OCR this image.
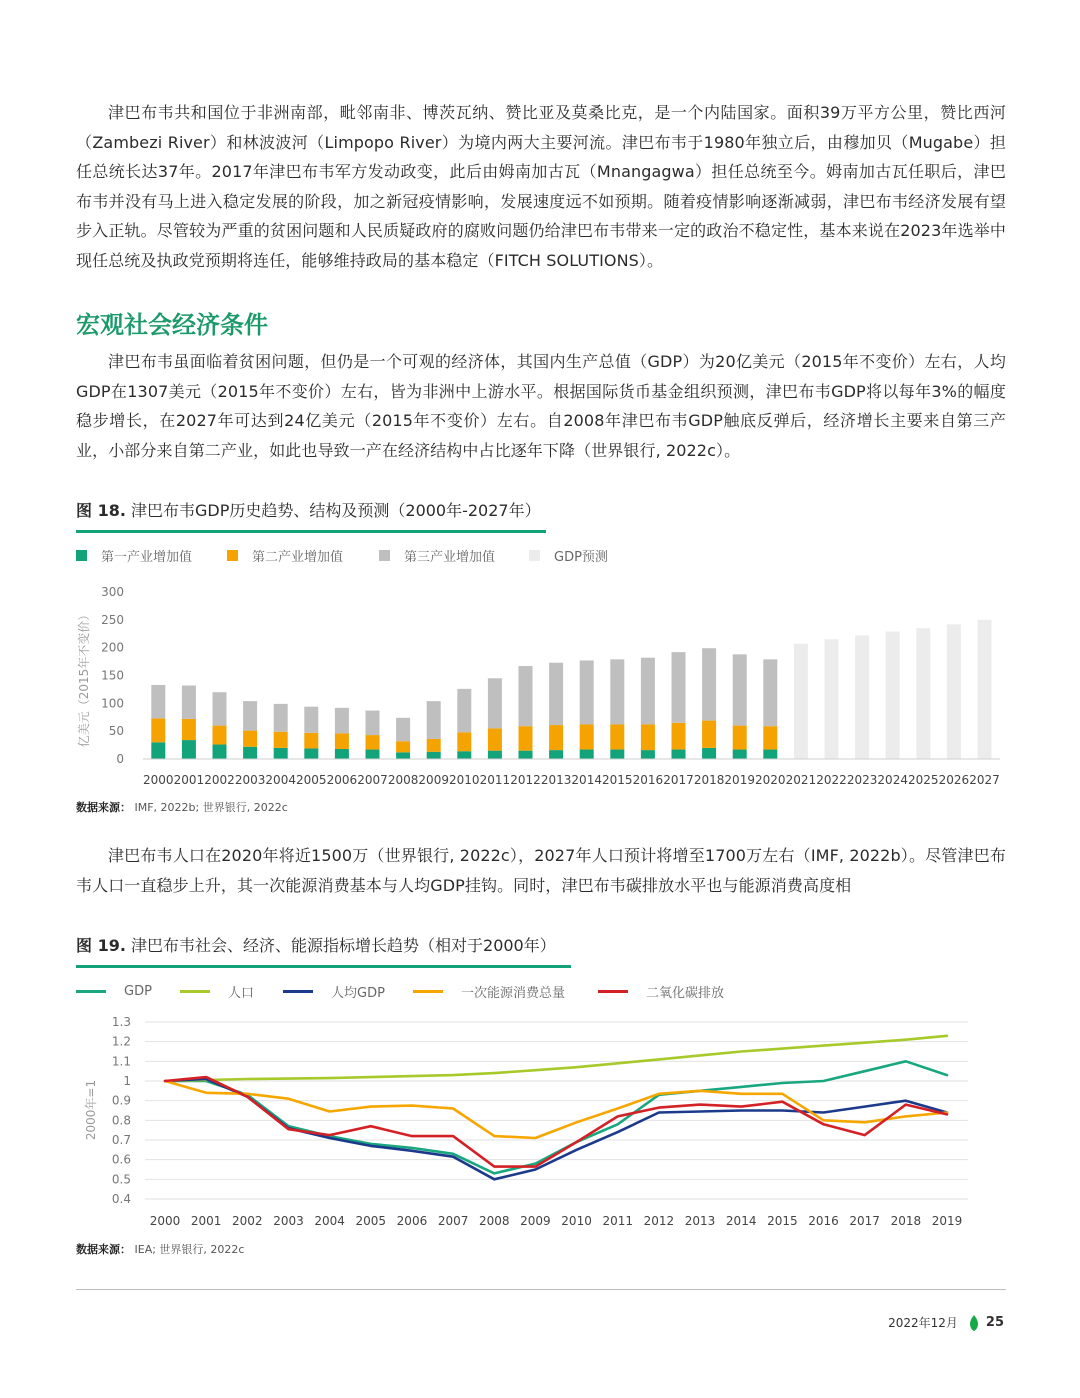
津巴布韦共和国位于非洲南部，毗邻南非、博茨瓦纳、赞比亚及莫桑比克，是一个内陆国家。面积39万平方公里，赞比西河（Zambezi River）和林波波河（Limpopo River）为境内两大主要河流。津巴布韦于1980年独立后，由穆加贝（Mugabe）担任总统长达37年。2017年津巴布韦军方发动政变，此后由姆南加古瓦（Mnangagwa）担任总统至今。姆南加古瓦任职后，津巴布韦并没有马上进入稳定发展的阶段，加之新冠疫情影响，发展速度远不如预期。随着疫情影响逐渐减弱，津巴布韦经济发展有望步入正轨。尽管较为严重的贫困问题和人民质疑政府的腐败问题仍给津巴布韦带来一定的政治不稳定性，基本来说在2023年选举中现任总统及执政党预期将连任，能够维持政局的基本稳定（FITCH SOLUTIONS）。
宏观社会经济条件
津巴布韦虽面临着贫困问题，但仍是一个可观的经济体，其国内生产总值（GDP）为20亿美元（2015年不变价）左右，人均GDP在1307美元（2015年不变价）左右，皆为非洲中上游水平。根据国际货币基金组织预测，津巴布韦GDP将以每年3%的幅度稳步增长，在2027年可达到24亿美元（2015年不变价）左右。自2008年津巴布韦GDP触底反弹后，经济增长主要来自第三产业，小部分来自第二产业，如此也导致一产在经济结构中占比逐年下降（世界银行, 2022c）。
图 18. 津巴布韦GDP历史趋势、结构及预测（2000年-2027年）
第一产业增加值	第二产业增加值	第三产业增加值	GDP预测
亿美元（2015年不变价）
0
50
100
150
200
250
300
2000 2001 2002 2003 2004 2005 2006 2007 2008 2009 2010 2011 2012 2013 2014 2015 2016 2017 2018 2019 2020 2021 2022 2023 2024 2025 2026 2027
数据来源： IMF, 2022b; 世界银行, 2022c
津巴布韦人口在2020年将近1500万（世界银行, 2022c），2027年人口预计将增至1700万左右（IMF, 2022b）。尽管津巴布韦人口一直稳步上升，其一次能源消费基本与人均GDP挂钩。同时，津巴布韦碳排放水平也与能源消费高度相
图 19. 津巴布韦社会、经济、能源指标增长趋势（相对于2000年）
GDP	人口	人均GDP	一次能源消费总量	二氧化碳排放
2000年=1
0.4
0.5
0.6
0.7
0.8
0.9
1
1.1
1.2
1.3
2000 2001 2002 2003 2004 2005 2006 2007 2008 2009 2010 2011 2012 2013 2014 2015 2016 2017 2018 2019
数据来源： IEA; 世界银行, 2022c
2022年12月 25
